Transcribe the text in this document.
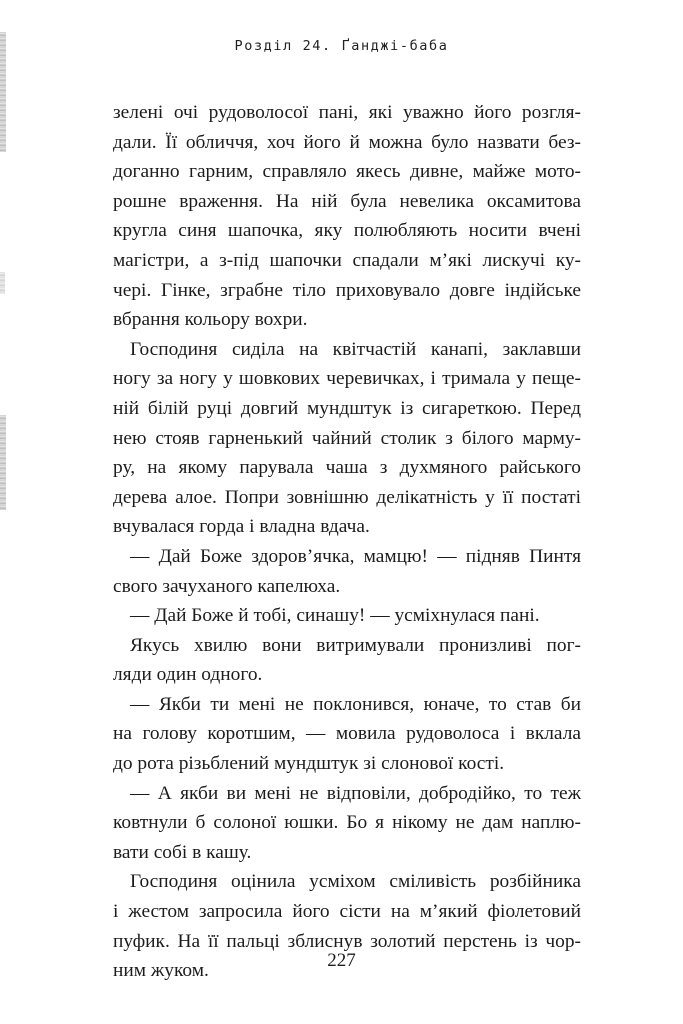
Розділ 24. Ґанджі-баба
зелені очі рудоволосої пані, які уважно його розгля-
дали. Її обличчя, хоч його й можна було назвати без-
доганно гарним, справляло якесь дивне, майже мото-
рошне враження. На ній була невелика оксамитова
кругла синя шапочка, яку полюбляють носити вчені
магістри, а з-під шапочки спадали м’які лискучі ку-
чері. Гінке, зграбне тіло приховувало довге індійське
вбрання кольору вохри.
Господиня сиділа на квітчастій канапі, заклавши
ногу за ногу у шовкових черевичках, і тримала у пеще-
ній білій руці довгий мундштук із сигареткою. Перед
нею стояв гарненький чайний столик з білого марму-
ру, на якому парувала чаша з духмяного райського
дерева алое. Попри зовнішню делікатність у її постаті
вчувалася горда і владна вдача.
— Дай Боже здоров’ячка, мамцю! — підняв Пинтя
свого зачуханого капелюха.
— Дай Боже й тобі, синашу! — усміхнулася пані.
Якусь хвилю вони витримували пронизливі пог-
ляди один одного.
— Якби ти мені не поклонився, юначе, то став би
на голову коротшим, — мовила рудоволоса і вклала
до рота різьблений мундштук зі слонової кості.
— А якби ви мені не відповіли, добродійко, то теж
ковтнули б солоної юшки. Бо я нікому не дам наплю-
вати собі в кашу.
Господиня оцінила усміхом сміливість розбійника
і жестом запросила його сісти на м’який фіолетовий
пуфик. На її пальці зблиснув золотий перстень із чор-
ним жуком.	227
